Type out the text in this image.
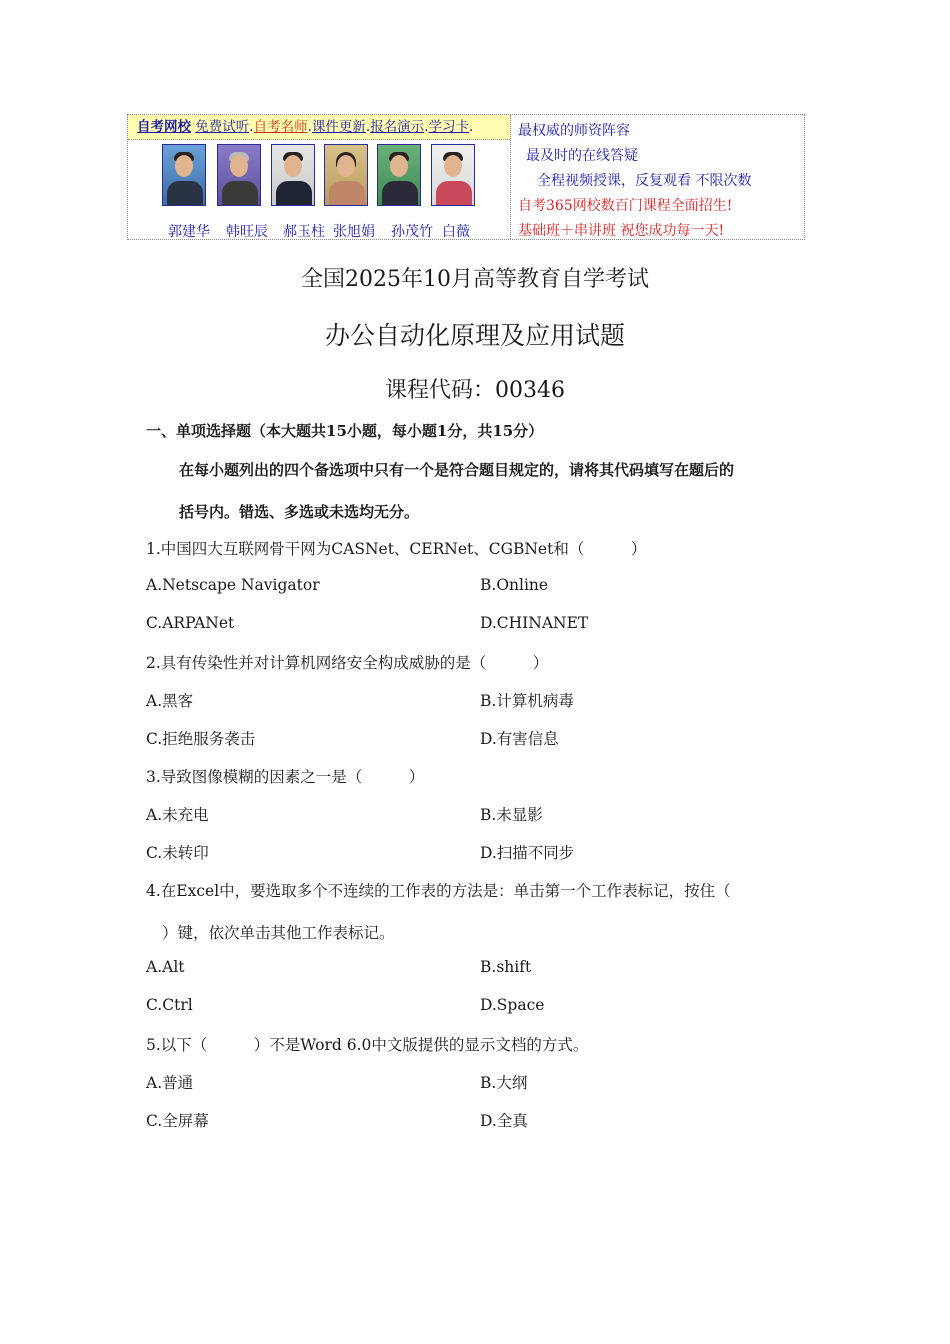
自考网校 免费试听.自考名师.课件更新.报名演示.学习卡.
郭建华 韩旺辰 郝玉柱 张旭娟 孙茂竹 白薇
最权威的师资阵容
最及时的在线答疑
全程视频授课，反复观看 不限次数
自考365网校数百门课程全面招生!
基础班＋串讲班 祝您成功每一天!
全国2025年10月高等教育自学考试
办公自动化原理及应用试题
课程代码：00346
一、单项选择题（本大题共15小题，每小题1分，共15分）
在每小题列出的四个备选项中只有一个是符合题目规定的，请将其代码填写在题后的
括号内。错选、多选或未选均无分。
1.中国四大互联网骨干网为CASNet、CERNet、CGBNet和（　　　）
A.Netscape Navigator	B.Online
C.ARPANet	D.CHINANET
2.具有传染性并对计算机网络安全构成威胁的是（　　　）
A.黑客	B.计算机病毒
C.拒绝服务袭击	D.有害信息
3.导致图像模糊的因素之一是（　　　）
A.未充电	B.未显影
C.未转印	D.扫描不同步
4.在Excel中，要选取多个不连续的工作表的方法是：单击第一个工作表标记，按住（
）键，依次单击其他工作表标记。
A.Alt	B.shift
C.Ctrl	D.Space
5.以下（　　　）不是Word 6.0中文版提供的显示文档的方式。
A.普通	B.大纲
C.全屏幕	D.全真
